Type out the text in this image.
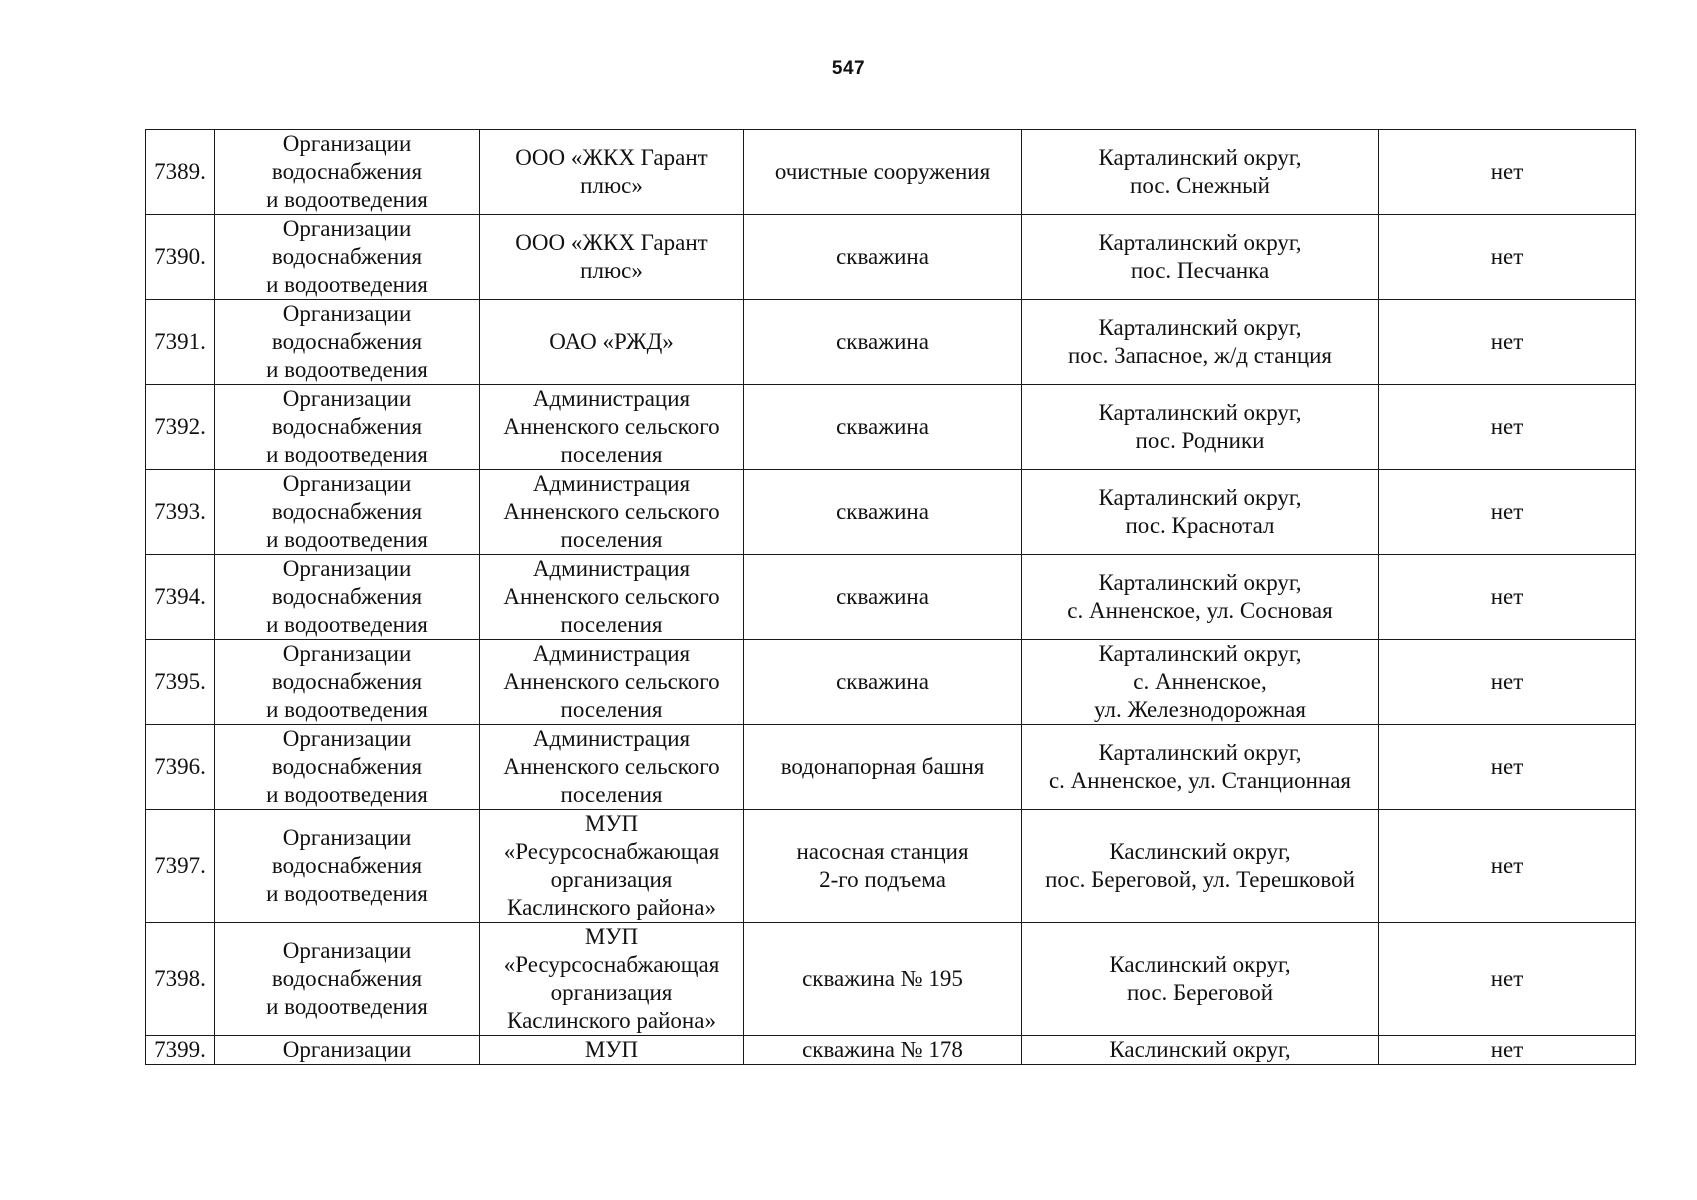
547
7389.	Организации
водоснабжения
и водоотведения	ООО «ЖКХ Гарант
плюс»	очистные сооружения	Карталинский округ,
пос. Снежный	нет
7390.	Организации
водоснабжения
и водоотведения	ООО «ЖКХ Гарант
плюс»	скважина	Карталинский округ,
пос. Песчанка	нет
7391.	Организации
водоснабжения
и водоотведения	ОАО «РЖД»	скважина	Карталинский округ,
пос. Запасное, ж/д станция	нет
7392.	Организации
водоснабжения
и водоотведения	Администрация
Анненского сельского
поселения	скважина	Карталинский округ,
пос. Родники	нет
7393.	Организации
водоснабжения
и водоотведения	Администрация
Анненского сельского
поселения	скважина	Карталинский округ,
пос. Краснотал	нет
7394.	Организации
водоснабжения
и водоотведения	Администрация
Анненского сельского
поселения	скважина	Карталинский округ,
с. Анненское, ул. Сосновая	нет
7395.	Организации
водоснабжения
и водоотведения	Администрация
Анненского сельского
поселения	скважина	Карталинский округ,
с. Анненское,
ул. Железнодорожная	нет
7396.	Организации
водоснабжения
и водоотведения	Администрация
Анненского сельского
поселения	водонапорная башня	Карталинский округ,
с. Анненское, ул. Станционная	нет
7397.	Организации
водоснабжения
и водоотведения	МУП
«Ресурсоснабжающая
организация
Каслинского района»	насосная станция
2-го подъема	Каслинский округ,
пос. Береговой, ул. Терешковой	нет
7398.	Организации
водоснабжения
и водоотведения	МУП
«Ресурсоснабжающая
организация
Каслинского района»	скважина № 195	Каслинский округ,
пос. Береговой	нет
7399.	Организации	МУП	скважина № 178	Каслинский округ,	нет
